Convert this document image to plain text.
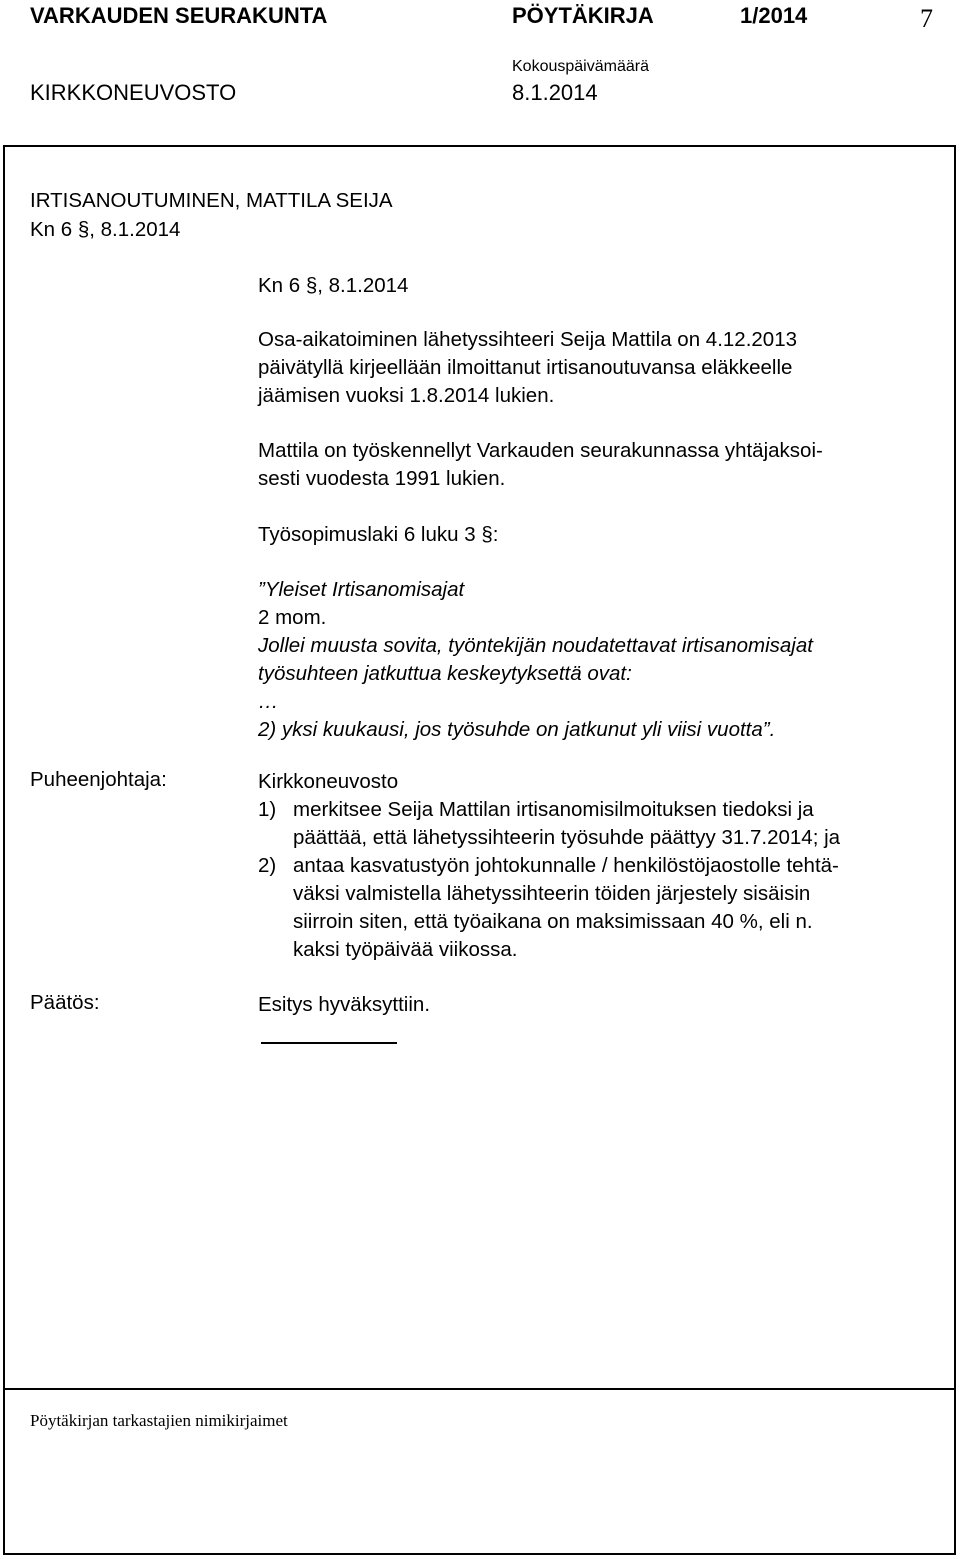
VARKAUDEN SEURAKUNTA	PÖYTÄKIRJA	1/2014	7
KIRKKONEUVOSTO
Kokouspäivämäärä
8.1.2014
IRTISANOUTUMINEN, MATTILA SEIJA
Kn 6 §, 8.1.2014
Kn 6 §, 8.1.2014
Osa-aikatoiminen lähetyssihteeri Seija Mattila on 4.12.2013
päivätyllä kirjeellään ilmoittanut irtisanoutuvansa eläkkeelle
jäämisen vuoksi 1.8.2014 lukien.
Mattila on työskennellyt Varkauden seurakunnassa yhtäjaksoi-
sesti vuodesta 1991 lukien.
Työsopimuslaki 6 luku 3 §:
”Yleiset Irtisanomisajat
2 mom.
Jollei muusta sovita, työntekijän noudatettavat irtisanomisajat
työsuhteen jatkuttua keskeytyksettä ovat:
…
2) yksi kuukausi, jos työsuhde on jatkunut yli viisi vuotta”.
Puheenjohtaja:	Kirkkoneuvosto
1) merkitsee Seija Mattilan irtisanomisilmoituksen tiedoksi ja
päättää, että lähetyssihteerin työsuhde päättyy 31.7.2014; ja
2) antaa kasvatustyön johtokunnalle / henkilöstöjaostolle tehtä-
väksi valmistella lähetyssihteerin töiden järjestely sisäisin
siirroin siten, että työaikana on maksimissaan 40 %, eli n.
kaksi työpäivää viikossa.
Päätös:	Esitys hyväksyttiin.
Pöytäkirjan tarkastajien nimikirjaimet
